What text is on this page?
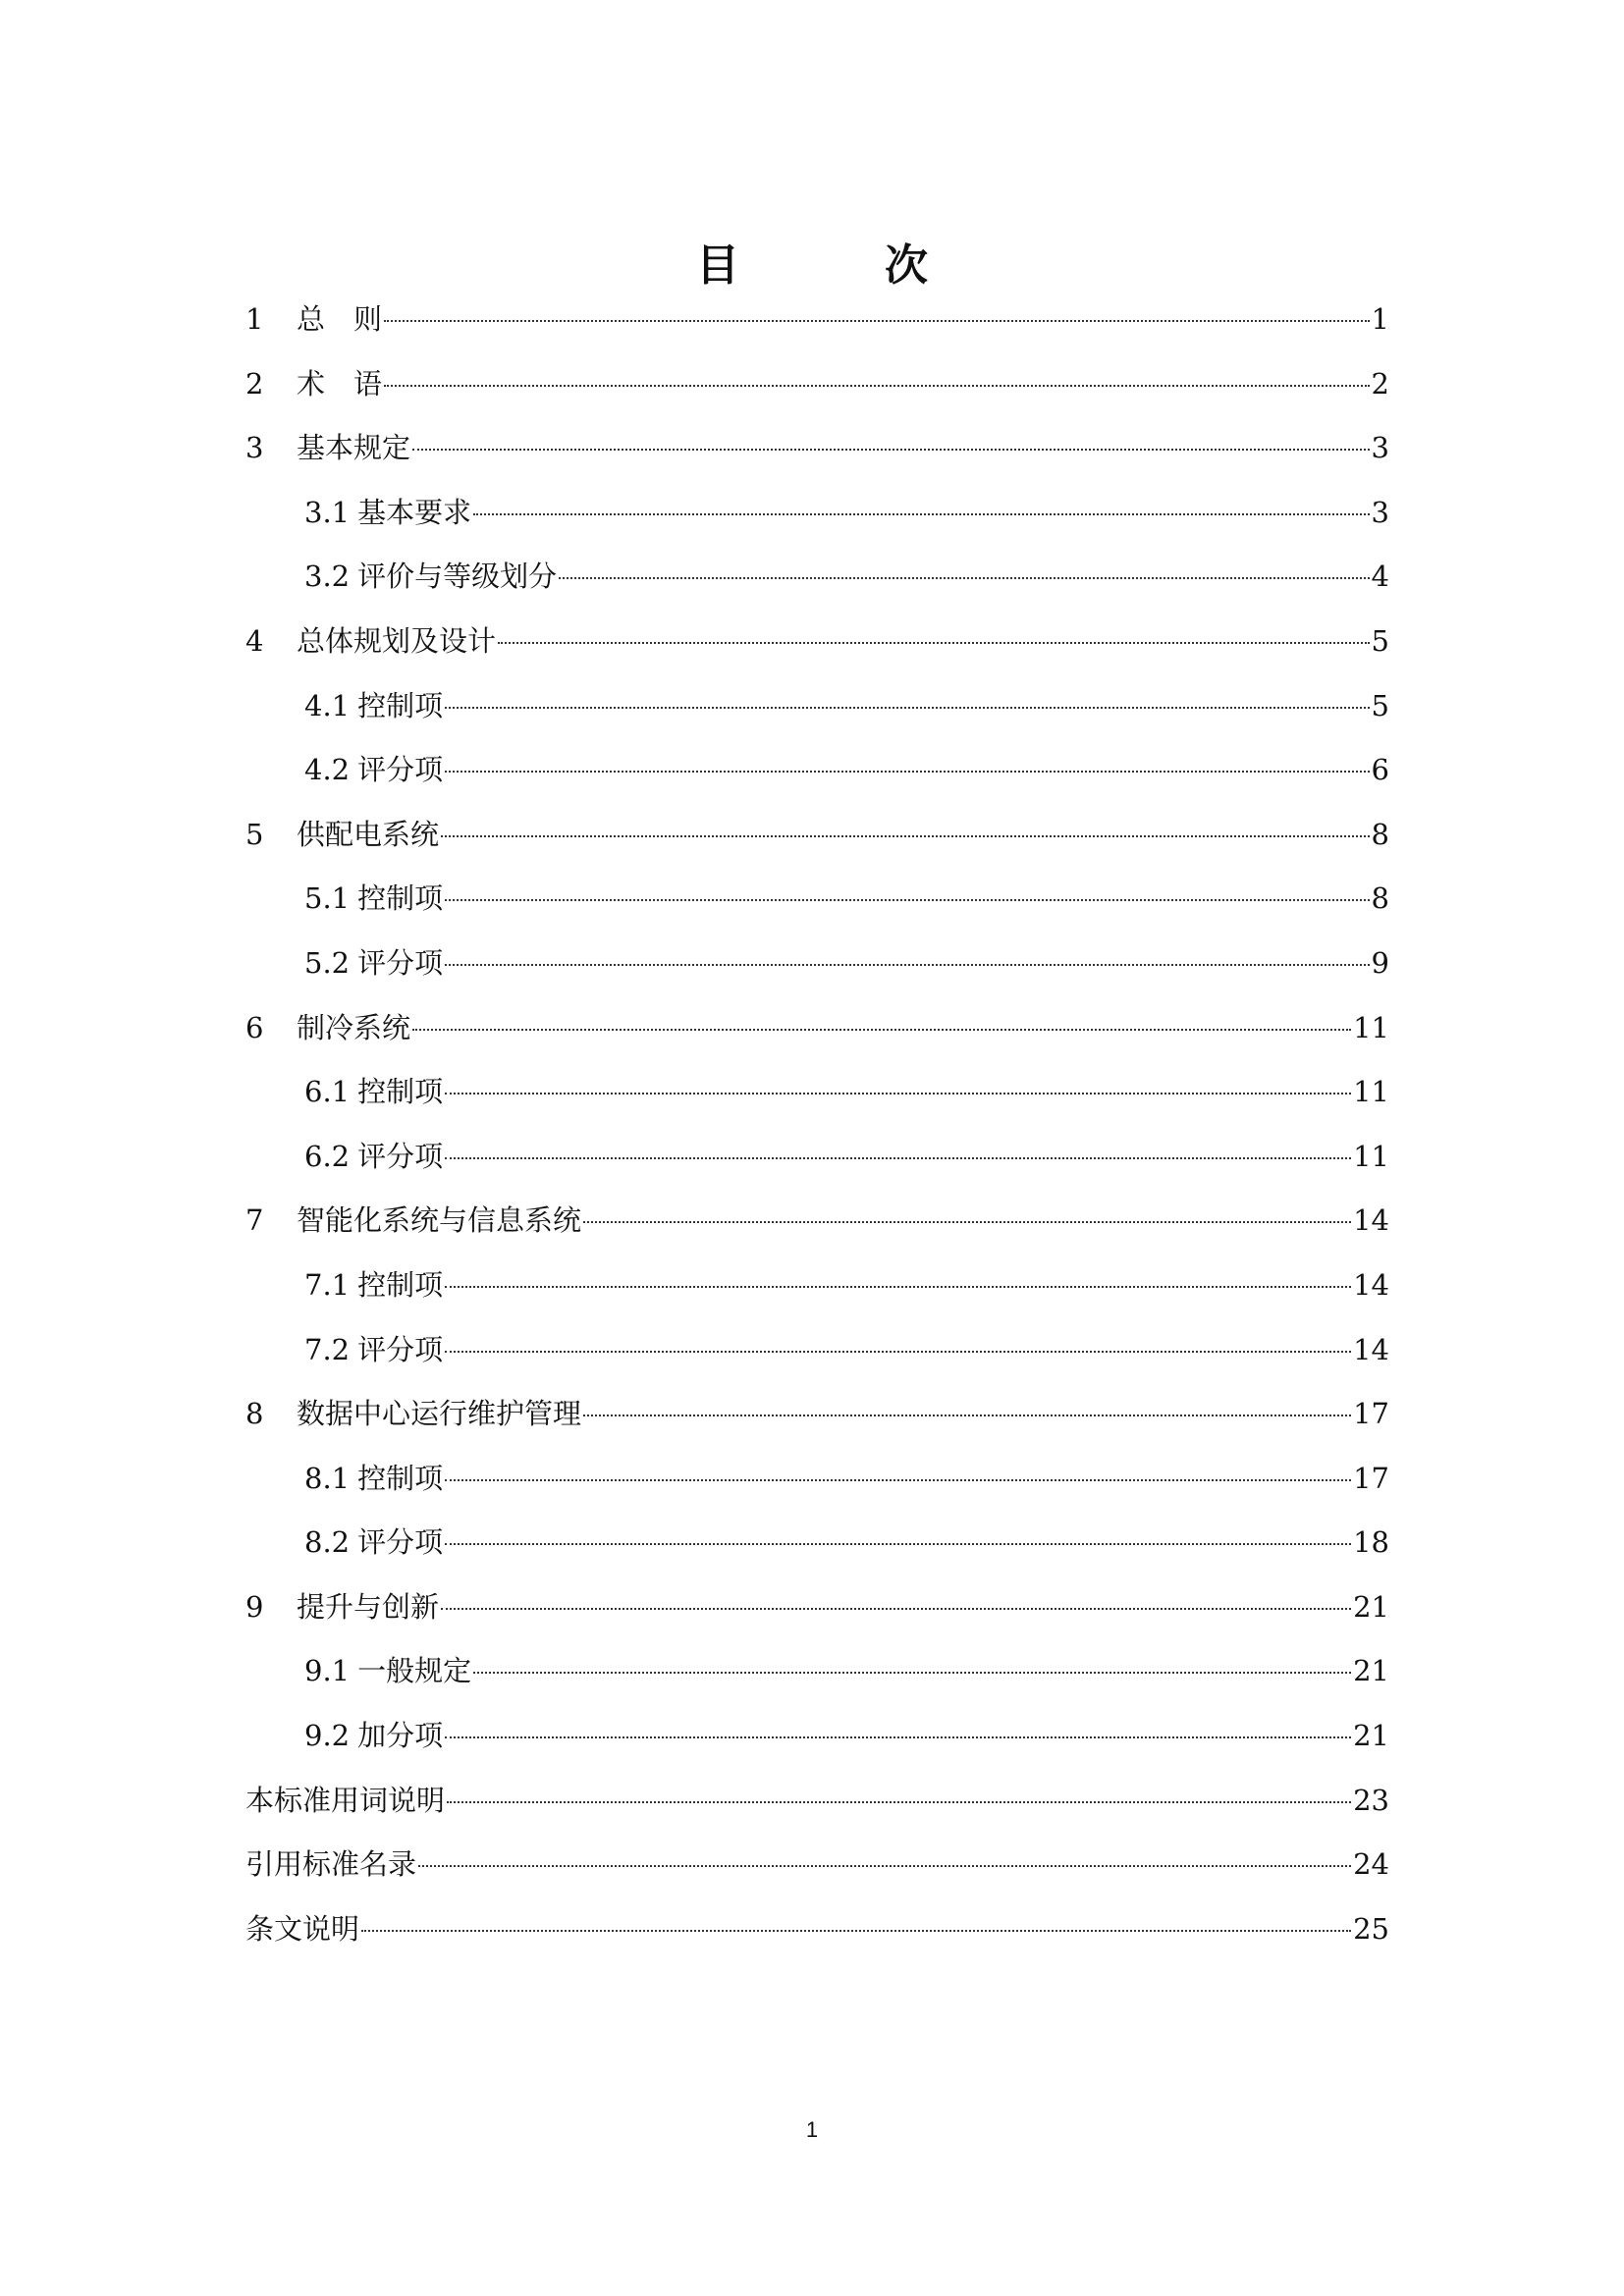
目　次
1	总　则	1
2	术　语	2
3	基本规定	3
3.1 基本要求	3
3.2 评价与等级划分	4
4	总体规划及设计	5
4.1 控制项	5
4.2 评分项	6
5	供配电系统	8
5.1 控制项	8
5.2 评分项	9
6	制冷系统	11
6.1 控制项	11
6.2 评分项	11
7	智能化系统与信息系统	14
7.1 控制项	14
7.2 评分项	14
8	数据中心运行维护管理	17
8.1 控制项	17
8.2 评分项	18
9	提升与创新	21
9.1 一般规定	21
9.2 加分项	21
本标准用词说明	23
引用标准名录	24
条文说明	25
1
